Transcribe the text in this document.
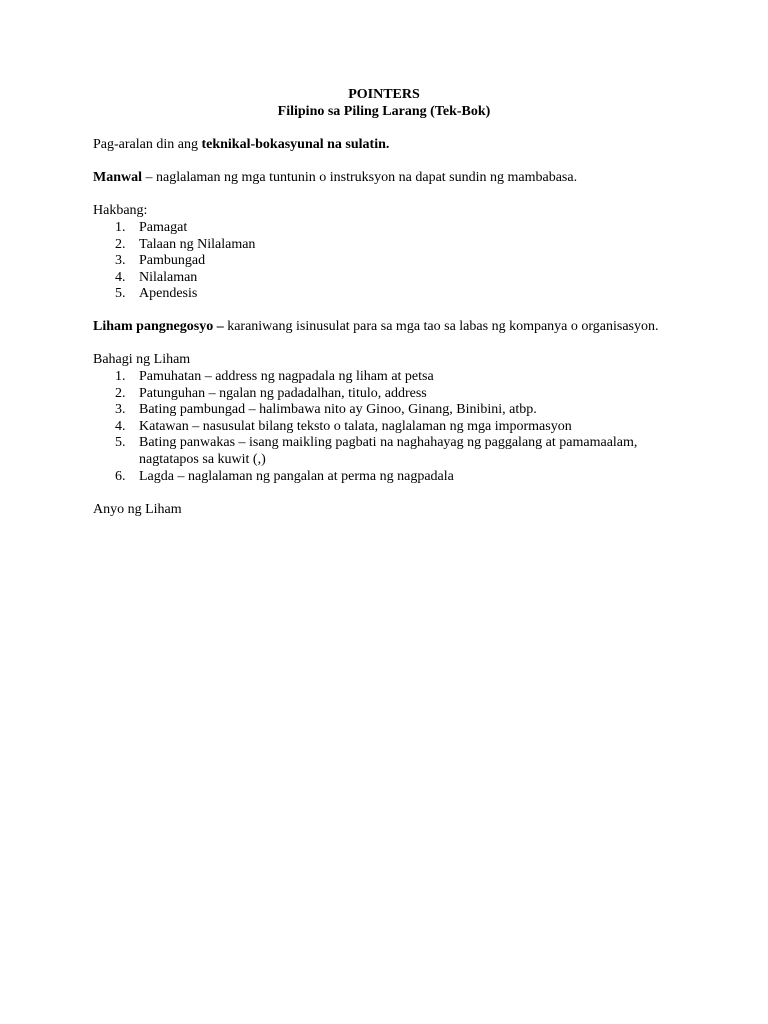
POINTERS
Filipino sa Piling Larang (Tek-Bok)
Pag-aralan din ang teknikal-bokasyunal na sulatin.
Manwal – naglalaman ng mga tuntunin o instruksyon na dapat sundin ng mambabasa.
Hakbang:
1. Pamagat
2. Talaan ng Nilalaman
3. Pambungad
4. Nilalaman
5. Apendesis
Liham pangnegosyo – karaniwang isinusulat para sa mga tao sa labas ng kompanya o organisasyon.
Bahagi ng Liham
1. Pamuhatan – address ng nagpadala ng liham at petsa
2. Patunguhan – ngalan ng padadalhan, titulo, address
3. Bating pambungad – halimbawa nito ay Ginoo, Ginang, Binibini, atbp.
4. Katawan – nasusulat bilang teksto o talata, naglalaman ng mga impormasyon
5. Bating panwakas – isang maikling pagbati na naghahayag ng paggalang at pamamaalam, nagtatapos sa kuwit (,)
6. Lagda – naglalaman ng pangalan at perma ng nagpadala
Anyo ng Liham
